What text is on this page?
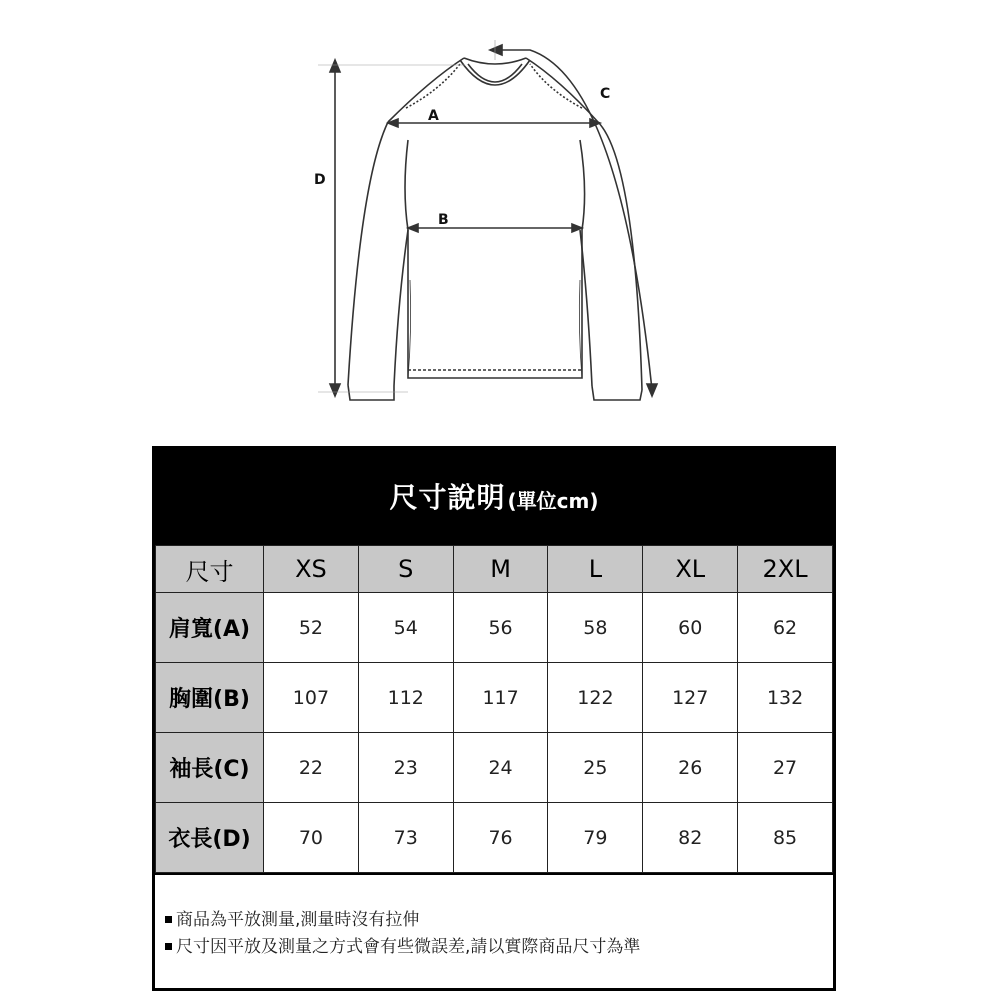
A
B
C
D
尺寸說明 (單位cm)
尺寸	XS	S	M	L	XL	2XL
肩寬(A)	52	54	56	58	60	62
胸圍(B)	107	112	117	122	127	132
袖長(C)	22	23	24	25	26	27
衣長(D)	70	73	76	79	82	85
商品為平放測量,測量時沒有拉伸
尺寸因平放及測量之方式會有些微誤差,請以實際商品尺寸為準
